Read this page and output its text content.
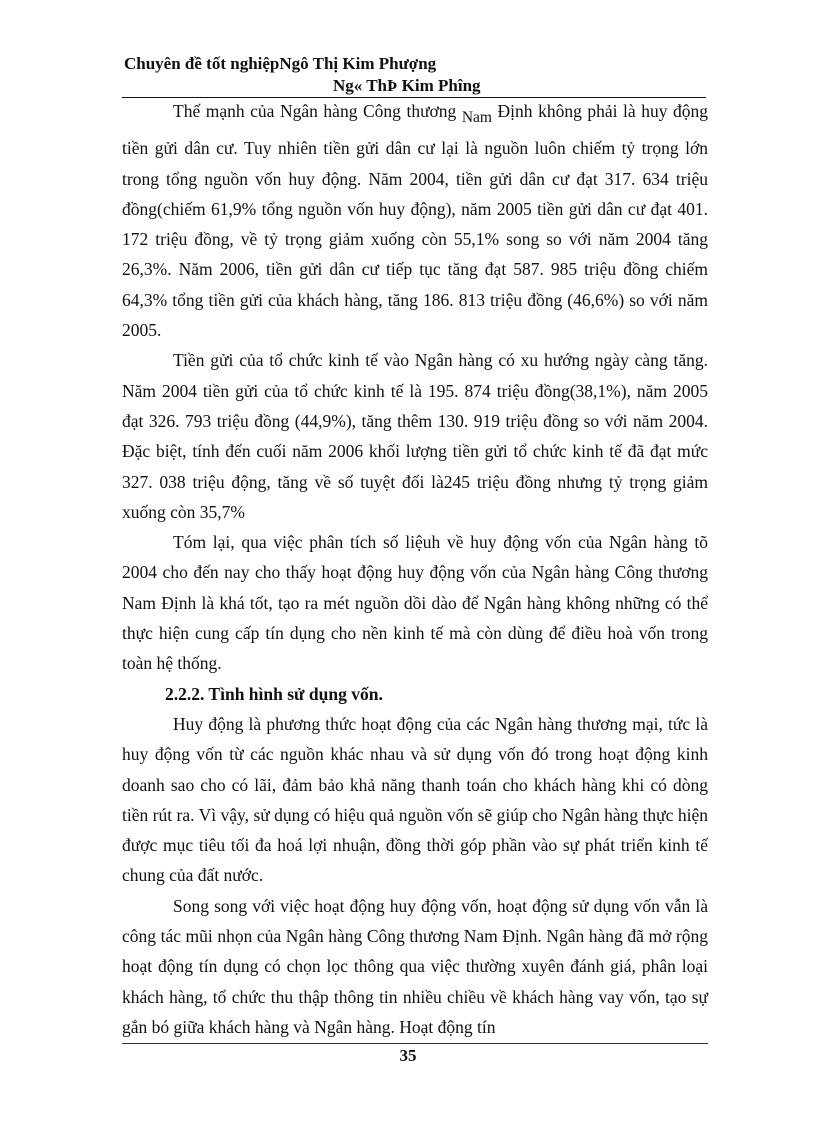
Chuyên đề tốt nghiệpNgô Thị Kim Phượng
Ng« ThÞ Kim Phîng

Thế mạnh của Ngân hàng Công thương Nam Định không phải là huy động tiền gửi dân cư. Tuy nhiên tiền gửi dân cư lại là nguồn luôn chiếm tỷ trọng lớn trong tổng nguồn vốn huy động. Năm 2004, tiền gửi dân cư đạt 317. 634 triệu đồng(chiếm 61,9% tổng nguồn vốn huy động), năm 2005 tiền gửi dân cư đạt 401. 172 triệu đồng, về tỷ trọng giảm xuống còn 55,1% song so với năm 2004 tăng 26,3%. Năm 2006, tiền gửi dân cư tiếp tục tăng đạt 587. 985 triệu đồng chiếm 64,3% tổng tiền gửi của khách hàng, tăng 186. 813 triệu đồng (46,6%) so với năm 2005.

Tiền gửi của tổ chức kinh tế vào Ngân hàng có xu hướng ngày càng tăng. Năm 2004 tiền gửi của tổ chức kinh tế là 195. 874 triệu đồng(38,1%), năm 2005 đạt 326. 793 triệu đồng (44,9%), tăng thêm 130. 919 triệu đồng so với năm 2004. Đặc biệt, tính đến cuối năm 2006 khối lượng tiền gửi tổ chức kinh tế đã đạt mức 327. 038 triệu động, tăng về số tuyệt đối là245 triệu đồng nhưng tỷ trọng giảm xuống còn 35,7%

Tóm lại, qua việc phân tích số liệuh về huy động vốn của Ngân hàng tõ 2004 cho đến nay cho thấy hoạt động huy động vốn của Ngân hàng Công thương Nam Định là khá tốt, tạo ra mét nguồn dồi dào để Ngân hàng không những có thể thực hiện cung cấp tín dụng cho nền kinh tế mà còn dùng để điều hoà vốn trong toàn hệ thống.

2.2.2. Tình hình sử dụng vốn.

Huy động là phương thức hoạt động của các Ngân hàng thương mại, tức là huy động vốn từ các nguồn khác nhau và sử dụng vốn đó trong hoạt động kinh doanh sao cho có lãi, đảm bảo khả năng thanh toán cho khách hàng khi có dòng tiền rút ra. Vì vậy, sử dụng có hiệu quả nguồn vốn sẽ giúp cho Ngân hàng thực hiện được mục tiêu tối đa hoá lợi nhuận, đồng thời góp phần vào sự phát triển kinh tế chung của đất nước.

Song song với việc hoạt động huy động vốn, hoạt động sử dụng vốn vẫn là công tác mũi nhọn của Ngân hàng Công thương Nam Định. Ngân hàng đã mở rộng hoạt động tín dụng có chọn lọc thông qua việc thường xuyên đánh giá, phân loại khách hàng, tổ chức thu thập thông tin nhiều chiều về khách hàng vay vốn, tạo sự gắn bó giữa khách hàng và Ngân hàng. Hoạt động tín

35
